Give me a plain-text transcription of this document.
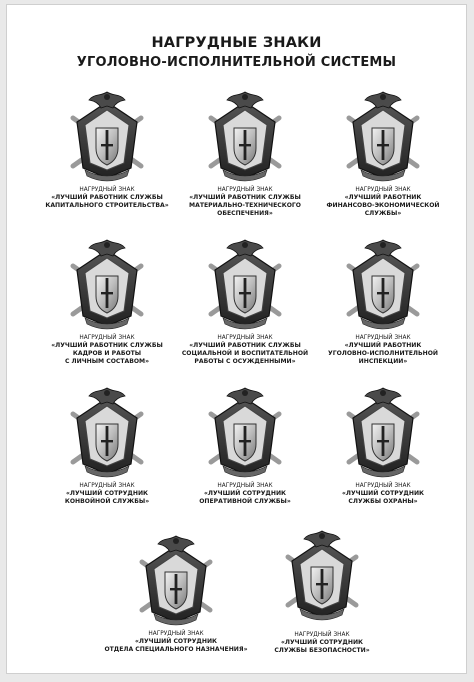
НАГРУДНЫЕ ЗНАКИ
УГОЛОВНО-ИСПОЛНИТЕЛЬНОЙ СИСТЕМЫ
НАГРУДНЫЙ ЗНАК
«ЛУЧШИЙ РАБОТНИК СЛУЖБЫ
КАПИТАЛЬНОГО СТРОИТЕЛЬСТВА»
НАГРУДНЫЙ ЗНАК
«ЛУЧШИЙ РАБОТНИК СЛУЖБЫ
МАТЕРИАЛЬНО-ТЕХНИЧЕСКОГО
ОБЕСПЕЧЕНИЯ»
НАГРУДНЫЙ ЗНАК
«ЛУЧШИЙ РАБОТНИК
ФИНАНСОВО-ЭКОНОМИЧЕСКОЙ
СЛУЖБЫ»
НАГРУДНЫЙ ЗНАК
«ЛУЧШИЙ РАБОТНИК СЛУЖБЫ
КАДРОВ И РАБОТЫ
С ЛИЧНЫМ СОСТАВОМ»
НАГРУДНЫЙ ЗНАК
«ЛУЧШИЙ РАБОТНИК СЛУЖБЫ
СОЦИАЛЬНОЙ И ВОСПИТАТЕЛЬНОЙ
РАБОТЫ С ОСУЖДЕННЫМИ»
НАГРУДНЫЙ ЗНАК
«ЛУЧШИЙ РАБОТНИК
УГОЛОВНО-ИСПОЛНИТЕЛЬНОЙ
ИНСПЕКЦИИ»
НАГРУДНЫЙ ЗНАК
«ЛУЧШИЙ СОТРУДНИК
КОНВОЙНОЙ СЛУЖБЫ»
НАГРУДНЫЙ ЗНАК
«ЛУЧШИЙ СОТРУДНИК
ОПЕРАТИВНОЙ СЛУЖБЫ»
НАГРУДНЫЙ ЗНАК
«ЛУЧШИЙ СОТРУДНИК
СЛУЖБЫ ОХРАНЫ»
НАГРУДНЫЙ ЗНАК
«ЛУЧШИЙ СОТРУДНИК
ОТДЕЛА СПЕЦИАЛЬНОГО НАЗНАЧЕНИЯ»
НАГРУДНЫЙ ЗНАК
«ЛУЧШИЙ СОТРУДНИК
СЛУЖБЫ БЕЗОПАСНОСТИ»
